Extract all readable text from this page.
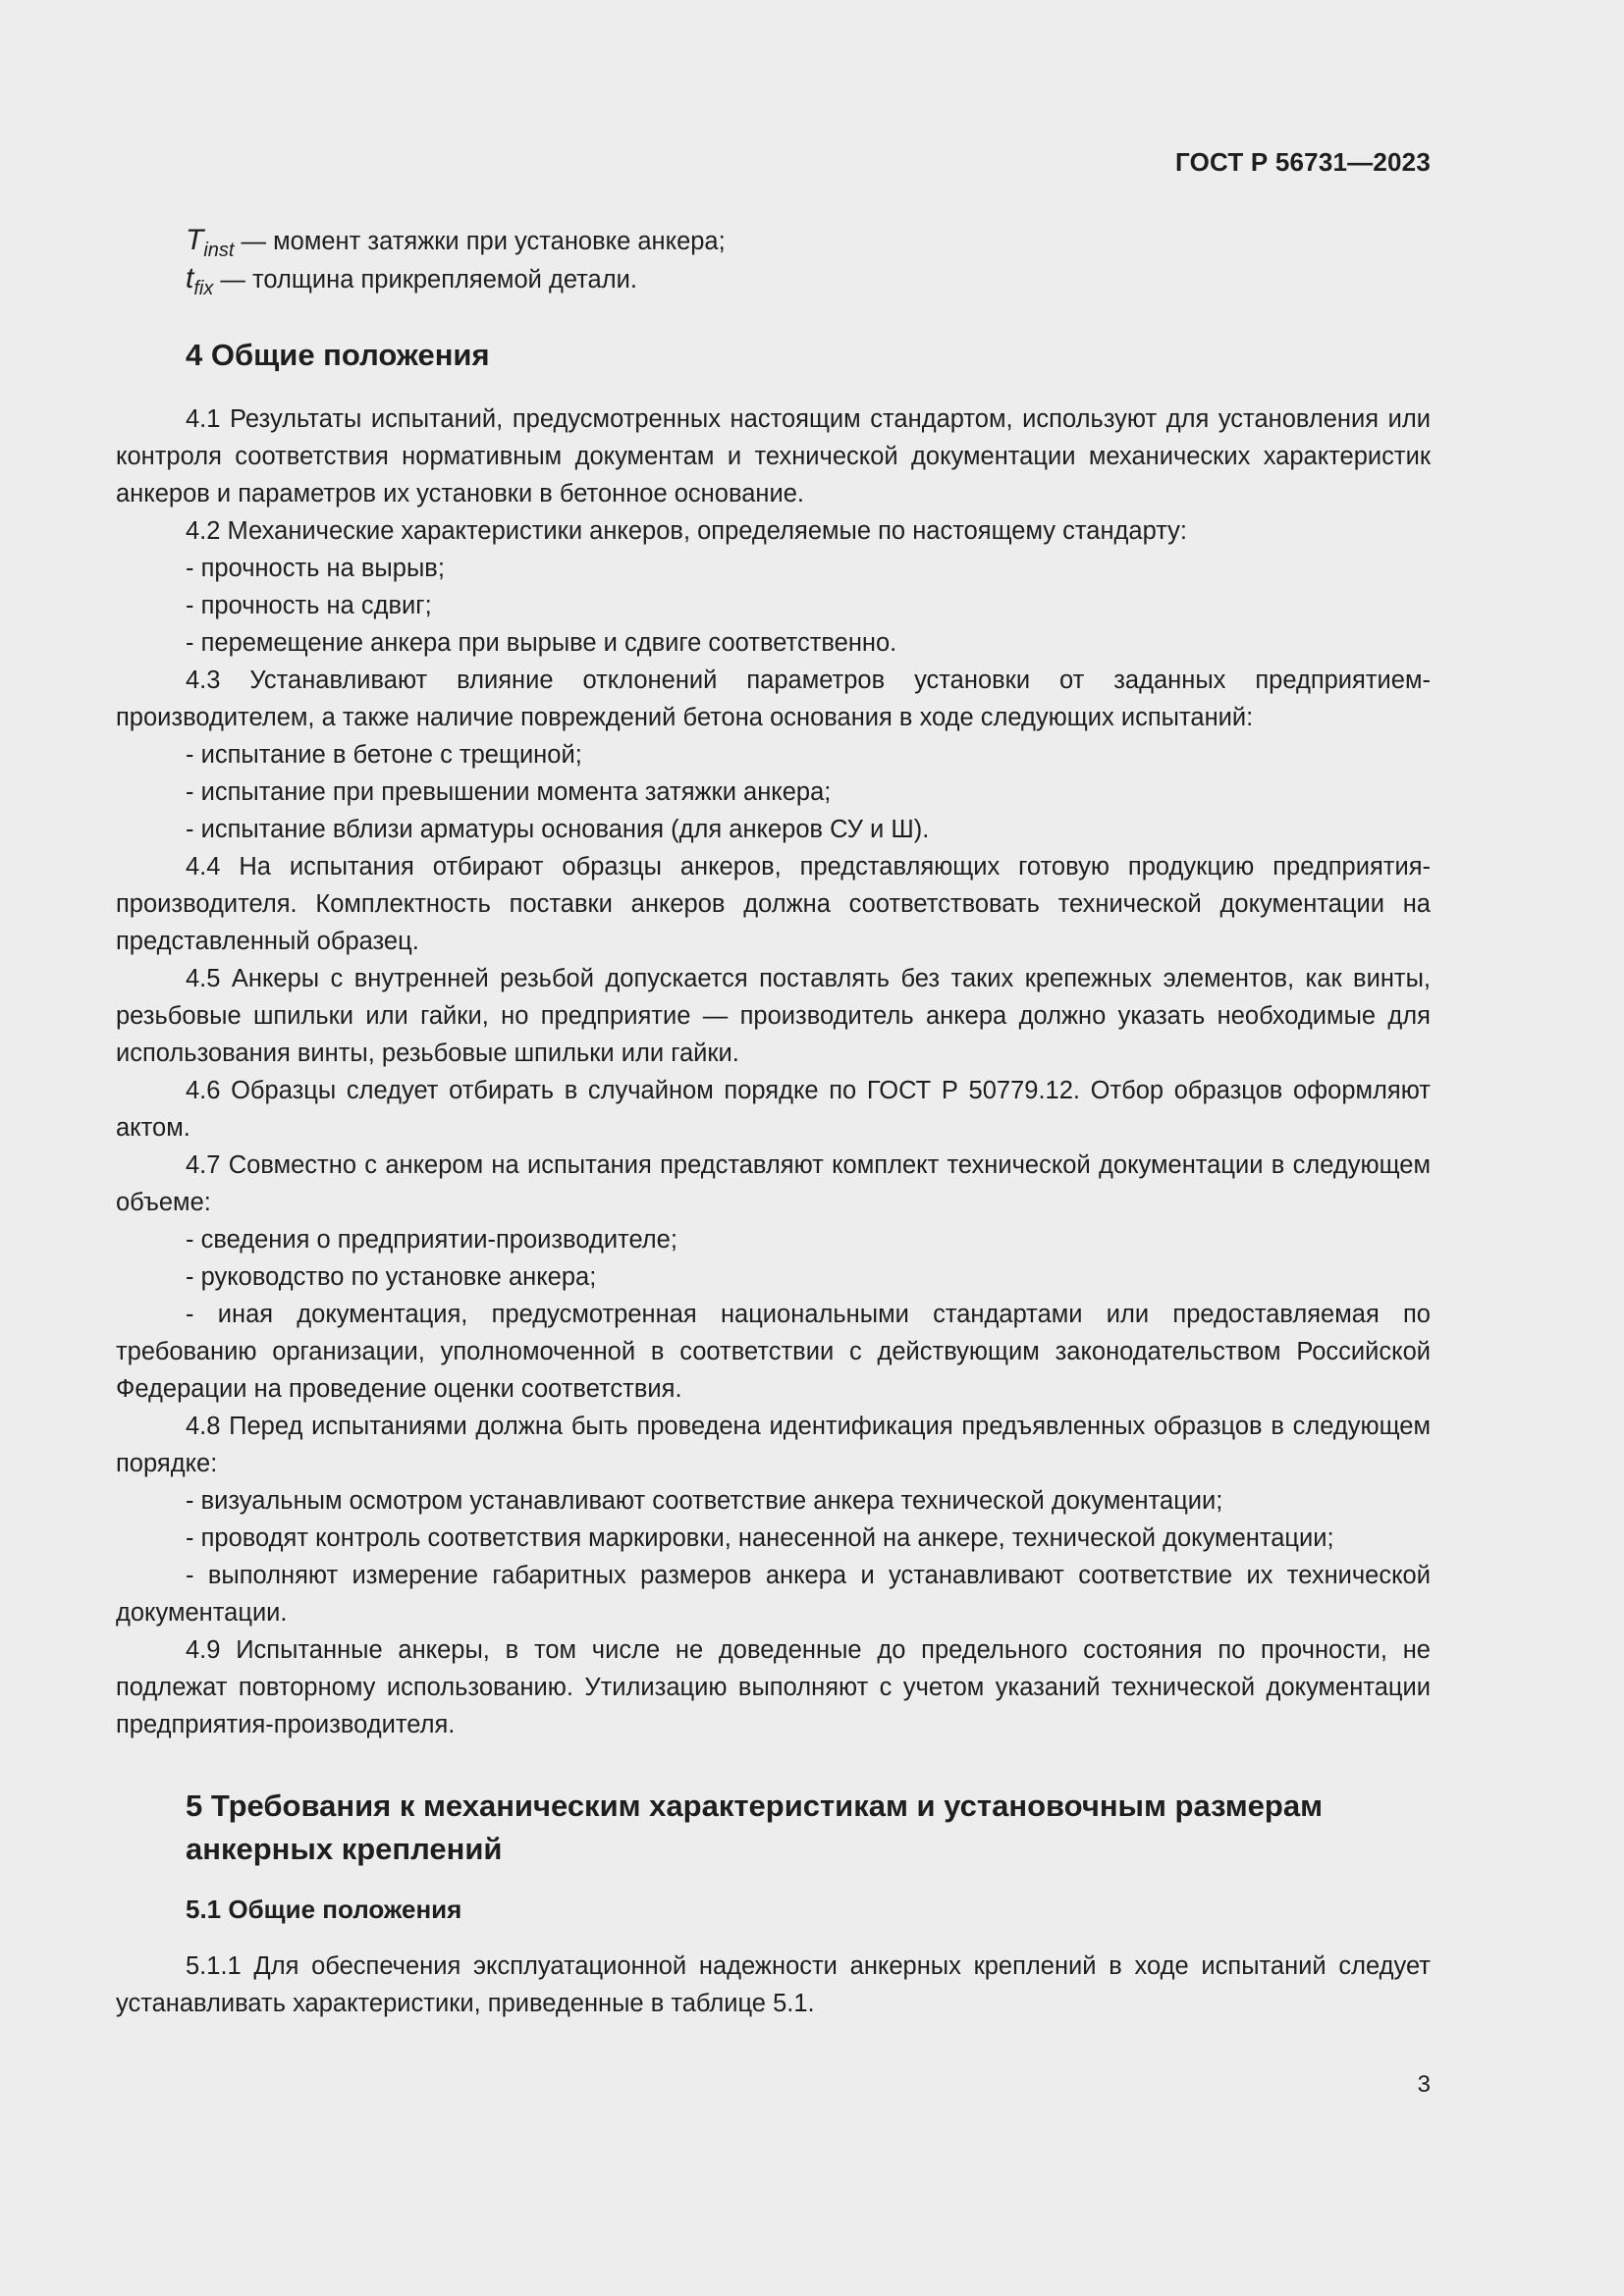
ГОСТ Р 56731—2023

$T_{inst}$ — момент затяжки при установке анкера;

$t_{fix}$ — толщина прикрепляемой детали.

4 Общие положения

4.1 Результаты испытаний, предусмотренных настоящим стандартом, используют для установления или контроля соответствия нормативным документам и технической документации механических характеристик анкеров и параметров их установки в бетонное основание.

4.2 Механические характеристики анкеров, определяемые по настоящему стандарту:

- прочность на вырыв;

- прочность на сдвиг;

- перемещение анкера при вырыве и сдвиге соответственно.

4.3 Устанавливают влияние отклонений параметров установки от заданных предприятием-производителем, а также наличие повреждений бетона основания в ходе следующих испытаний:

- испытание в бетоне с трещиной;

- испытание при превышении момента затяжки анкера;

- испытание вблизи арматуры основания (для анкеров СУ и Ш).

4.4 На испытания отбирают образцы анкеров, представляющих готовую продукцию предприятия-производителя. Комплектность поставки анкеров должна соответствовать технической документации на представленный образец.

4.5 Анкеры с внутренней резьбой допускается поставлять без таких крепежных элементов, как винты, резьбовые шпильки или гайки, но предприятие — производитель анкера должно указать необходимые для использования винты, резьбовые шпильки или гайки.

4.6 Образцы следует отбирать в случайном порядке по ГОСТ Р 50779.12. Отбор образцов оформляют актом.

4.7 Совместно с анкером на испытания представляют комплект технической документации в следующем объеме:

- сведения о предприятии-производителе;

- руководство по установке анкера;

- иная документация, предусмотренная национальными стандартами или предоставляемая по требованию организации, уполномоченной в соответствии с действующим законодательством Российской Федерации на проведение оценки соответствия.

4.8 Перед испытаниями должна быть проведена идентификация предъявленных образцов в следующем порядке:

- визуальным осмотром устанавливают соответствие анкера технической документации;

- проводят контроль соответствия маркировки, нанесенной на анкере, технической документации;

- выполняют измерение габаритных размеров анкера и устанавливают соответствие их технической документации.

4.9 Испытанные анкеры, в том числе не доведенные до предельного состояния по прочности, не подлежат повторному использованию. Утилизацию выполняют с учетом указаний технической документации предприятия-производителя.

5 Требования к механическим характеристикам и установочным размерам анкерных креплений
5.1 Общие положения

5.1.1 Для обеспечения эксплуатационной надежности анкерных креплений в ходе испытаний следует устанавливать характеристики, приведенные в таблице 5.1.

3
